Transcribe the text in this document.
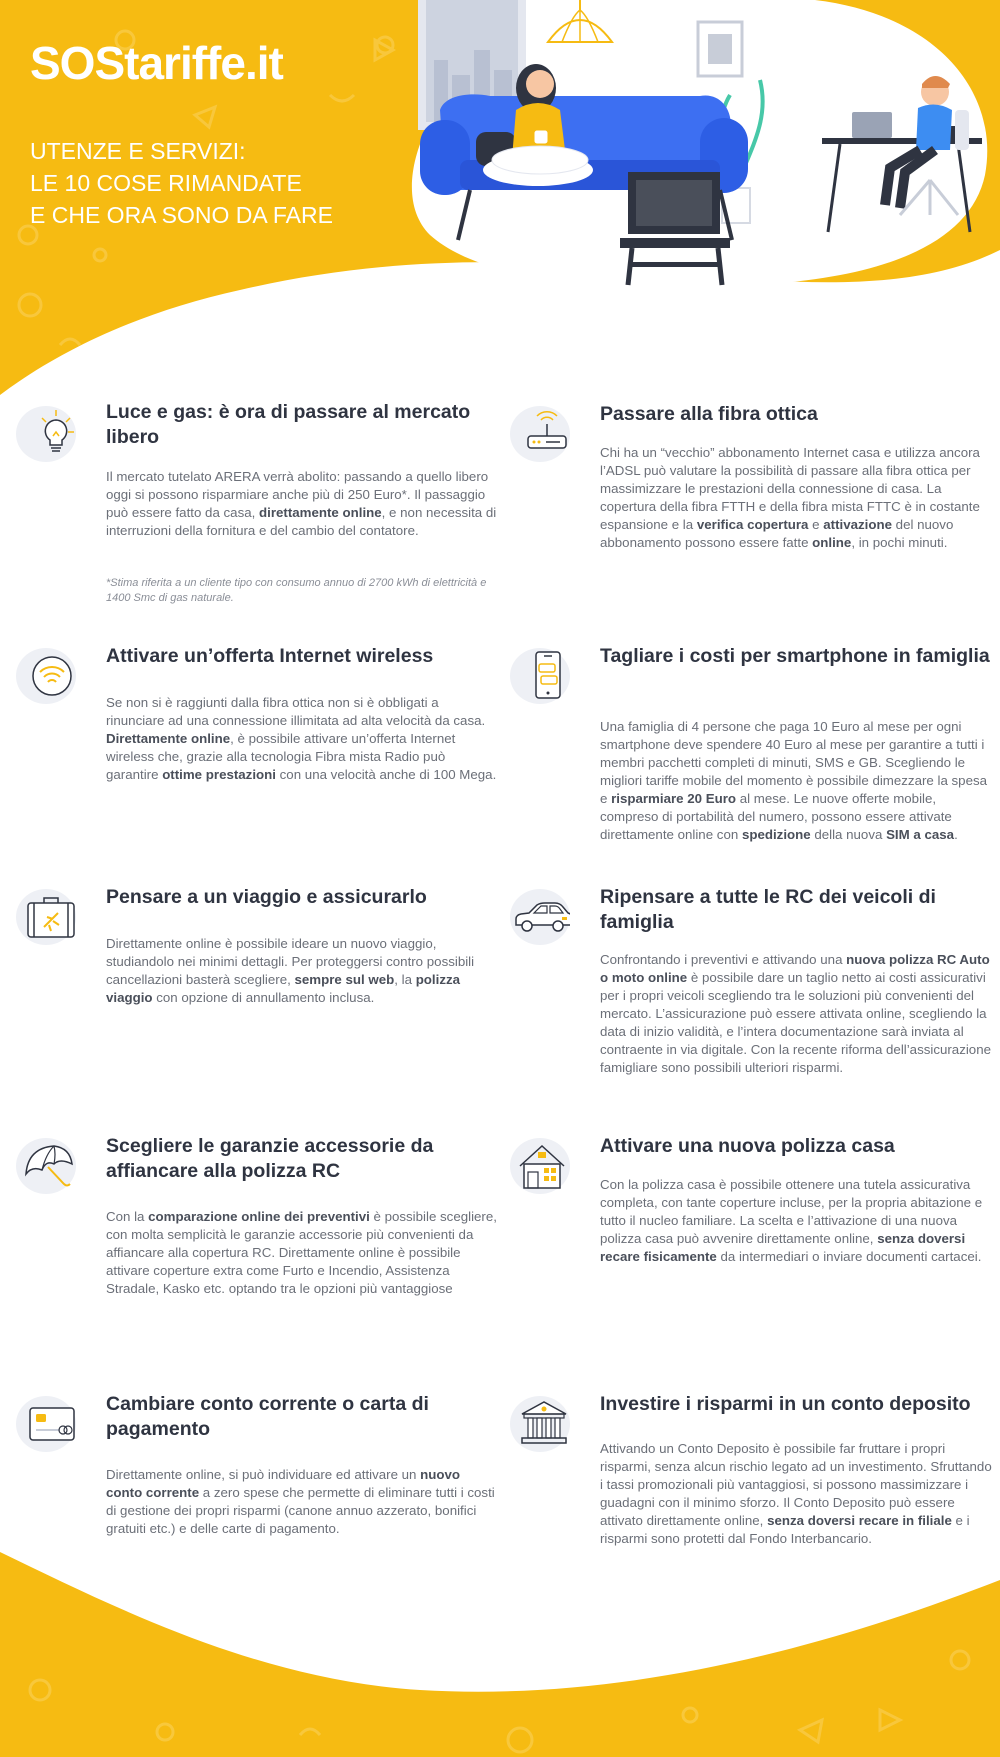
SOStariffe.it
UTENZE E SERVIZI:
LE 10 COSE RIMANDATE
E CHE ORA SONO DA FARE
Luce e gas: è ora di passare al mercato libero
Il mercato tutelato ARERA verrà abolito: passando a quello libero oggi si possono risparmiare anche più di 250 Euro*. Il passaggio può essere fatto da casa, direttamente online, e non necessita di interruzioni della fornitura e del cambio del contatore.
*Stima riferita a un cliente tipo con consumo annuo di 2700 kWh di elettricità e 1400 Smc di gas naturale.
Passare alla fibra ottica
Chi ha un “vecchio” abbonamento Internet casa e utilizza ancora l’ADSL può valutare la possibilità di passare alla fibra ottica per massimizzare le prestazioni della connessione di casa. La copertura della fibra FTTH e della fibra mista FTTC è in costante espansione e la verifica copertura e attivazione del nuovo abbonamento possono essere fatte online, in pochi minuti.
Attivare un’offerta Internet wireless
Se non si è raggiunti dalla fibra ottica non si è obbligati a rinunciare ad una connessione illimitata ad alta velocità da casa. Direttamente online, è possibile attivare un’offerta Internet wireless che, grazie alla tecnologia Fibra mista Radio può garantire ottime prestazioni con una velocità anche di 100 Mega.
Tagliare i costi per smartphone in famiglia
Una famiglia di 4 persone che paga 10 Euro al mese per ogni smartphone deve spendere 40 Euro al mese per garantire a tutti i membri pacchetti completi di minuti, SMS e GB. Scegliendo le migliori tariffe mobile del momento è possibile dimezzare la spesa e risparmiare 20 Euro al mese. Le nuove offerte mobile, compreso di portabilità del numero, possono essere attivate direttamente online con spedizione della nuova SIM a casa.
Pensare a un viaggio e assicurarlo
Direttamente online è possibile ideare un nuovo viaggio, studiandolo nei minimi dettagli. Per proteggersi contro possibili cancellazioni basterà scegliere, sempre sul web, la polizza viaggio con opzione di annullamento inclusa.
Ripensare a tutte le RC dei veicoli di famiglia
Confrontando i preventivi e attivando una nuova polizza RC Auto o moto online è possibile dare un taglio netto ai costi assicurativi per i propri veicoli scegliendo tra le soluzioni più convenienti del mercato. L’assicurazione può essere attivata online, scegliendo la data di inizio validità, e l’intera documentazione sarà inviata al contraente in via digitale. Con la recente riforma dell’assicurazione famigliare sono possibili ulteriori risparmi.
Scegliere le garanzie accessorie da affiancare alla polizza RC
Con la comparazione online dei preventivi è possibile scegliere, con molta semplicità le garanzie accessorie più convenienti da affiancare alla copertura RC. Direttamente online è possibile attivare coperture extra come Furto e Incendio, Assistenza Stradale, Kasko etc. optando tra le opzioni più vantaggiose
Attivare una nuova polizza casa
Con la polizza casa è possibile ottenere una tutela assicurativa completa, con tante coperture incluse, per la propria abitazione e tutto il nucleo familiare. La scelta e l’attivazione di una nuova polizza casa può avvenire direttamente online, senza doversi recare fisicamente da intermediari o inviare documenti cartacei.
Cambiare conto corrente o carta di pagamento
Direttamente online, si può individuare ed attivare un nuovo conto corrente a zero spese che permette di eliminare tutti i costi di gestione dei propri risparmi (canone annuo azzerato, bonifici gratuiti etc.) e delle carte di pagamento.
Investire i risparmi in un conto deposito
Attivando un Conto Deposito è possibile far fruttare i propri risparmi, senza alcun rischio legato ad un investimento. Sfruttando i tassi promozionali più vantaggiosi, si possono massimizzare i guadagni con il minimo sforzo. Il Conto Deposito può essere attivato direttamente online, senza doversi recare in filiale e i risparmi sono protetti dal Fondo Interbancario.
